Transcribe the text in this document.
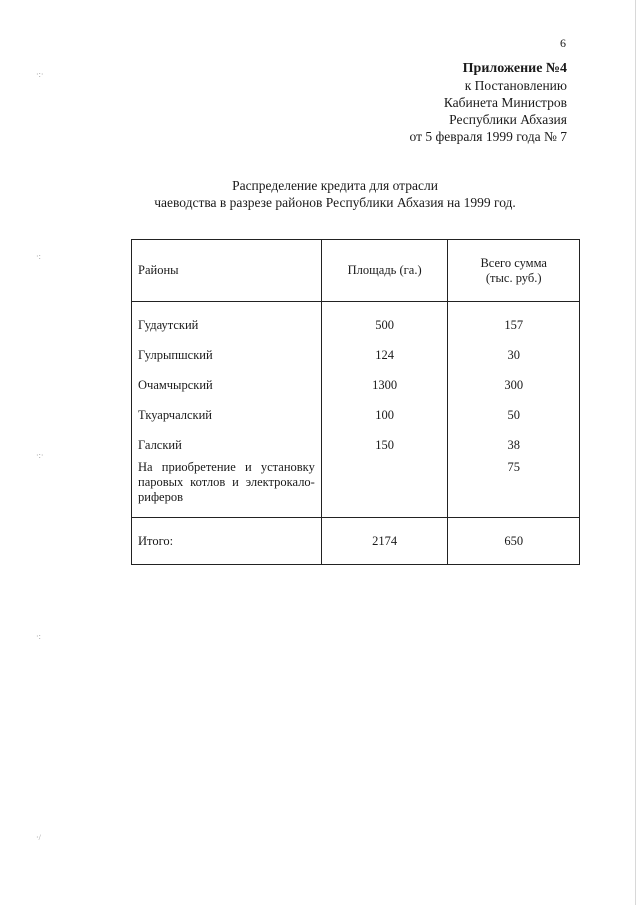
·:·
·:
·:·
·:
·/
6
Приложение №4
к Постановлению
Кабинета Министров
Республики Абхазия
от 5 февраля 1999 года № 7
Распределение кредита для отрасли
чаеводства в разрезе районов Республики Абхазия на 1999 год.
Районы	Площадь (га.)	Всего сумма
(тыс. руб.)

Гудаутский	500	157
Гулрыпшский	124	30
Очамчырский	1300	300
Ткуарчалский	100	50
Галский	150	38

На приобретение и установку паровых котлов и электрокало-риферов		75
Итого:	2174	650
